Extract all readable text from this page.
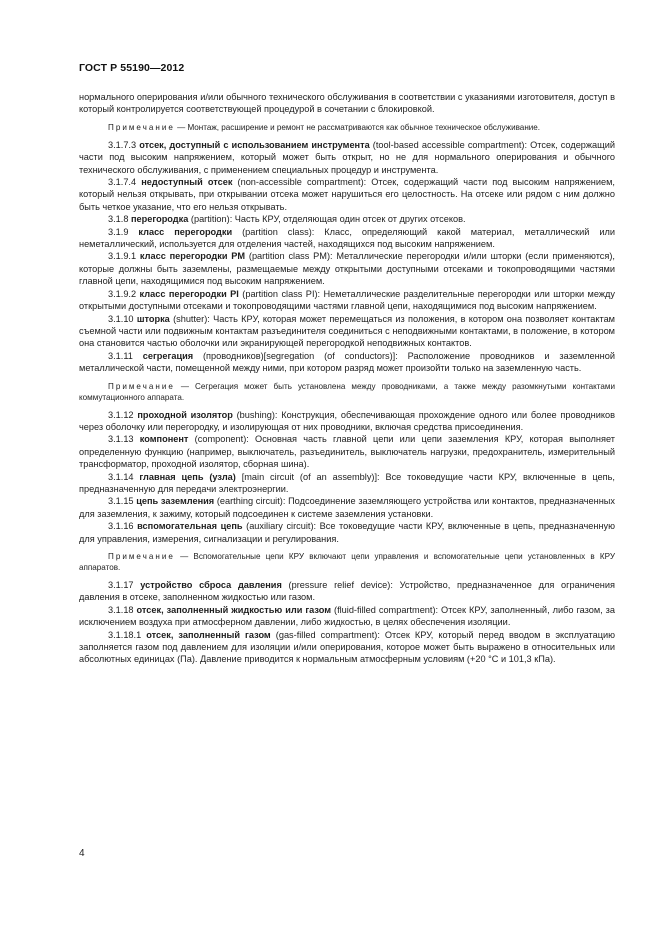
ГОСТ Р 55190—2012

нормального оперирования и/или обычного технического обслуживания в соответствии с указаниями изготовителя, доступ в который контролируется соответствующей процедурой в сочетании с блокировкой.

Примечание — Монтаж, расширение и ремонт не рассматриваются как обычное техническое обслуживание.

3.1.7.3 отсек, доступный с использованием инструмента (tool-based accessible compartment): Отсек, содержащий части под высоким напряжением, который может быть открыт, но не для нормального оперирования и обычного технического обслуживания, с применением специальных процедур и инструмента.

3.1.7.4 недоступный отсек (non-accessible compartment): Отсек, содержащий части под высоким напряжением, который нельзя открывать, при открывании отсека может нарушиться его целостность. На отсеке или рядом с ним должно быть четкое указание, что его нельзя открывать.

3.1.8 перегородка (partition): Часть КРУ, отделяющая один отсек от других отсеков.

3.1.9 класс перегородки (partition class): Класс, определяющий какой материал, металлический или неметаллический, используется для отделения частей, находящихся под высоким напряжением.

3.1.9.1 класс перегородки PM (partition class PM): Металлические перегородки и/или шторки (если применяются), которые должны быть заземлены, размещаемые между открытыми доступными отсеками и токопроводящими частями главной цепи, находящимися под высоким напряжением.

3.1.9.2 класс перегородки PI (partition class PI): Неметаллические разделительные перегородки или шторки между открытыми доступными отсеками и токопроводящими частями главной цепи, находящимися под высоким напряжением.

3.1.10 шторка (shutter): Часть КРУ, которая может перемещаться из положения, в котором она позволяет контактам съемной части или подвижным контактам разъединителя соединиться с неподвижными контактами, в положение, в котором она становится частью оболочки или экранирующей перегородкой неподвижных контактов.

3.1.11 сегрегация (проводников)[segregation (of conductors)]: Расположение проводников и заземленной металлической части, помещенной между ними, при котором разряд может произойти только на заземленную часть.

Примечание — Сегрегация может быть установлена между проводниками, а также между разомкнутыми контактами коммутационного аппарата.

3.1.12 проходной изолятор (bushing): Конструкция, обеспечивающая прохождение одного или более проводников через оболочку или перегородку, и изолирующая от них проводники, включая средства присоединения.

3.1.13 компонент (component): Основная часть главной цепи или цепи заземления КРУ, которая выполняет определенную функцию (например, выключатель, разъединитель, выключатель нагрузки, предохранитель, измерительный трансформатор, проходной изолятор, сборная шина).

3.1.14 главная цепь (узла) [main circuit (of an assembly)]: Все токоведущие части КРУ, включенные в цепь, предназначенную для передачи электроэнергии.

3.1.15 цепь заземления (earthing circuit): Подсоединение заземляющего устройства или контактов, предназначенных для заземления, к зажиму, который подсоединен к системе заземления установки.

3.1.16 вспомогательная цепь (auxiliary circuit): Все токоведущие части КРУ, включенные в цепь, предназначенную для управления, измерения, сигнализации и регулирования.

Примечание — Вспомогательные цепи КРУ включают цепи управления и вспомогательные цепи установленных в КРУ аппаратов.

3.1.17 устройство сброса давления (pressure relief device): Устройство, предназначенное для ограничения давления в отсеке, заполненном жидкостью или газом.

3.1.18 отсек, заполненный жидкостью или газом (fluid-filled compartment): Отсек КРУ, заполненный, либо газом, за исключением воздуха при атмосферном давлении, либо жидкостью, в целях обеспечения изоляции.

3.1.18.1 отсек, заполненный газом (gas-filled compartment): Отсек КРУ, который перед вводом в эксплуатацию заполняется газом под давлением для изоляции и/или оперирования, которое может быть выражено в относительных или абсолютных единицах (Па). Давление приводится к нормальным атмосферным условиям (+20 °C и 101,3 кПа).

4
